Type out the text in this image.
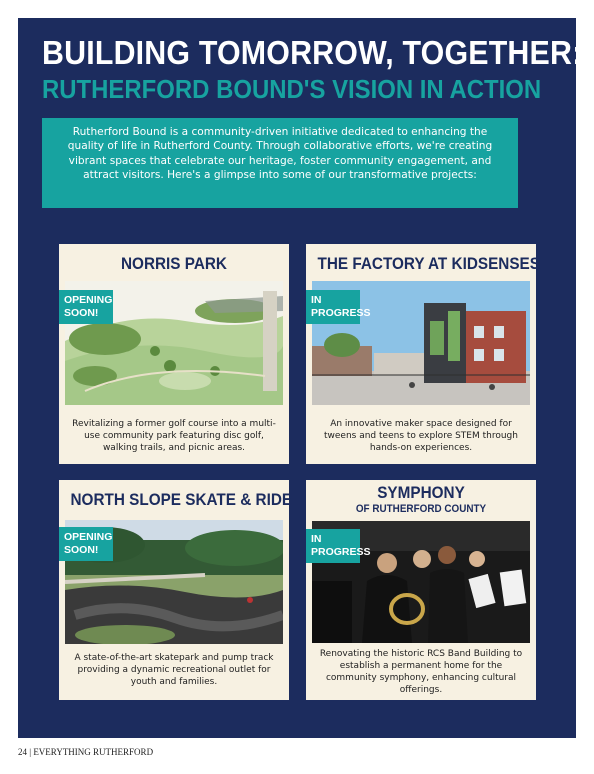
BUILDING TOMORROW, TOGETHER:
RUTHERFORD BOUND'S VISION IN ACTION

Rutherford Bound is a community-driven initiative dedicated to enhancing the quality of life in Rutherford County. Through collaborative efforts, we're creating vibrant spaces that celebrate our heritage, foster community engagement, and attract visitors. Here's a glimpse into some of our transformative projects:

NORRIS PARK
OPENING SOON!
Revitalizing a former golf course into a multi-use community park featuring disc golf, walking trails, and picnic areas.
THE FACTORY AT KIDSENSES
IN PROGRESS
An innovative maker space designed for tweens and teens to explore STEM through hands-on experiences.
NORTH SLOPE SKATE & RIDE
OPENING SOON!
A state-of-the-art skatepark and pump track providing a dynamic recreational outlet for youth and families.
SYMPHONY
OF RUTHERFORD COUNTY
IN PROGRESS
Renovating the historic RCS Band Building to establish a permanent home for the community symphony, enhancing cultural offerings.
24 | EVERYTHING RUTHERFORD
